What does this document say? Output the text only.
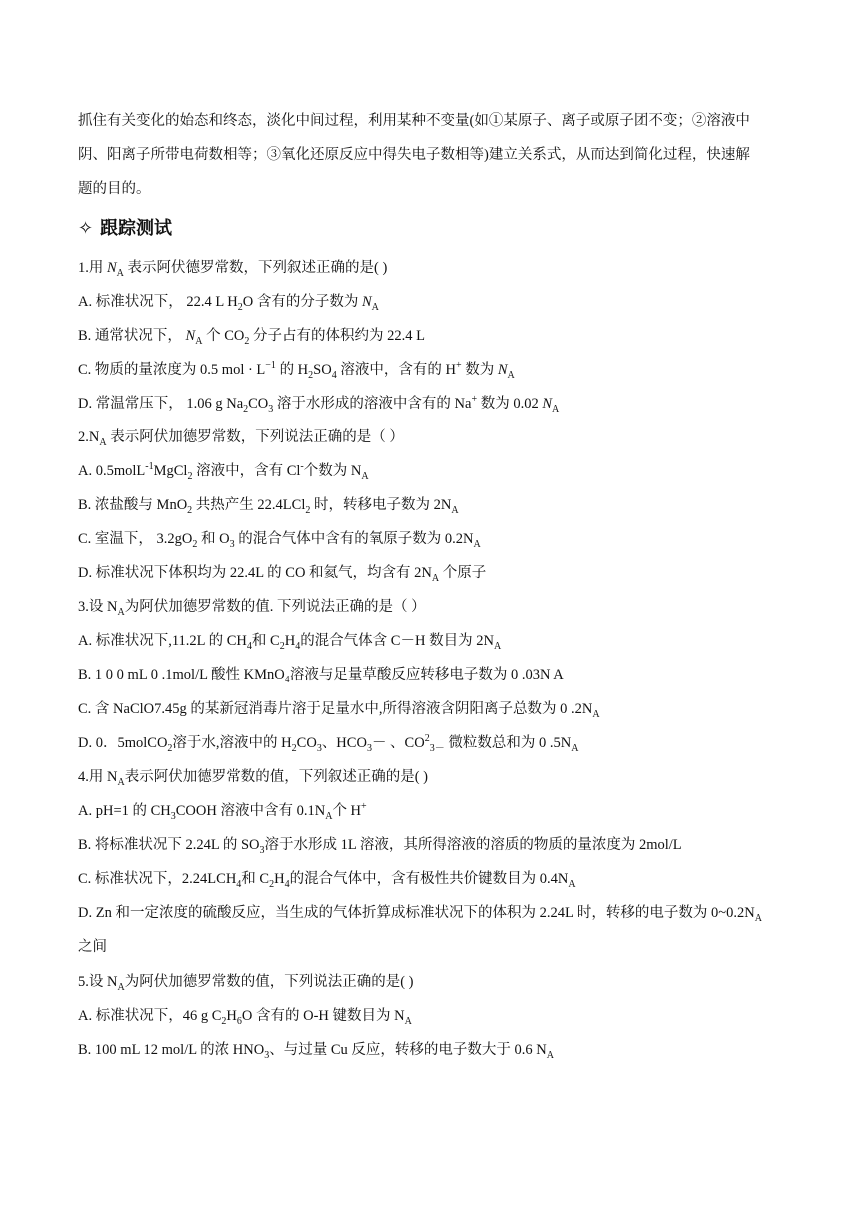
抓住有关变化的始态和终态，淡化中间过程，利用某种不变量(如①某原子、离子或原子团不变；②溶液中
阴、阳离子所带电荷数相等；③氧化还原反应中得失电子数相等)建立关系式，从而达到简化过程，快速解
题的目的。
✧ 跟踪测试
1.用 $N_A$ 表示阿伏德罗常数，下列叙述正确的是( )
A. 标准状况下， 22.4 L $H_2O$ 含有的分子数为 $N_A$
B. 通常状况下， $N_A$ 个 $CO_2$ 分子占有的体积约为 22.4 L
C. 物质的量浓度为 0.5 mol · $L^{-1}$ 的 $H_2SO_4$ 溶液中，含有的 H+ 数为 $N_A$
D. 常温常压下， 1.06 g $Na_2CO_3$ 溶于水形成的溶液中含有的 Na+ 数为 0.02 $N_A$
$2.N_A$ 表示阿伏加德罗常数，下列说法正确的是（ ）
A. 0.5molL$^{-1}$MgCl$_2$ 溶液中，含有 Cl-个数为 $N_A$
B. 浓盐酸与 MnO$_2$ 共热产生 22.4LCl$_2$ 时，转移电子数为 $2N_A$
C. 室温下， $3.2gO_2$ 和 $O_3$ 的混合气体中含有的氧原子数为 $0.2N_A$
D. 标准状况下体积均为 22.4L 的 CO 和氦气，均含有 $2N_A$ 个原子
3.设 $N_A$为阿伏加德罗常数的值. 下列说法正确的是（ ）
A. 标准状况下,11.2L 的 $CH_4$和 $C_2H_4$的混合气体含 C－H 数目为 $2N_A$
B. 1 0 0 mL 0 .1mol/L 酸性 KMnO₄溶液与足量草酸反应转移电子数为 0 .03N A
C. 含 NaClO7.45g 的某新冠消毒片溶于足量水中,所得溶液含阴阳离子总数为 0 $.2N_A$
D. 0．5molCO$_2$溶于水,溶液中的 $H_2CO_3$、$HCO_3-$ 、$CO^2_{3-}$ 微粒数总和为 0 $.5N_A$
4.用 $N_A$表示阿伏加德罗常数的值，下列叙述正确的是( )
A. pH=1 的 $CH_3COOH$ 溶液中含有 $0.1N_A$个 H+
B. 将标准状况下 2.24L 的 $SO_3$溶于水形成 1L 溶液，其所得溶液的溶质的物质的量浓度为 2mol/L
C. 标准状况下，$2.24LCH_4$和 $C_2H_4$的混合气体中，含有极性共价键数目为 $0.4N_A$
D. Zn 和一定浓度的硫酸反应，当生成的气体折算成标准状况下的体积为 2.24L 时，转移的电子数为 $0\sim 0.2N_A$
之间
5.设 $N_A$为阿伏加德罗常数的值，下列说法正确的是( )
A. 标准状况下，46 g $C_2H_6O$ 含有的 O-H 键数目为 $N_A$
B. 100 mL 12 mol/L 的浓 $HNO_3$、与过量 Cu 反应，转移的电子数大于 0.6 $N_A$
